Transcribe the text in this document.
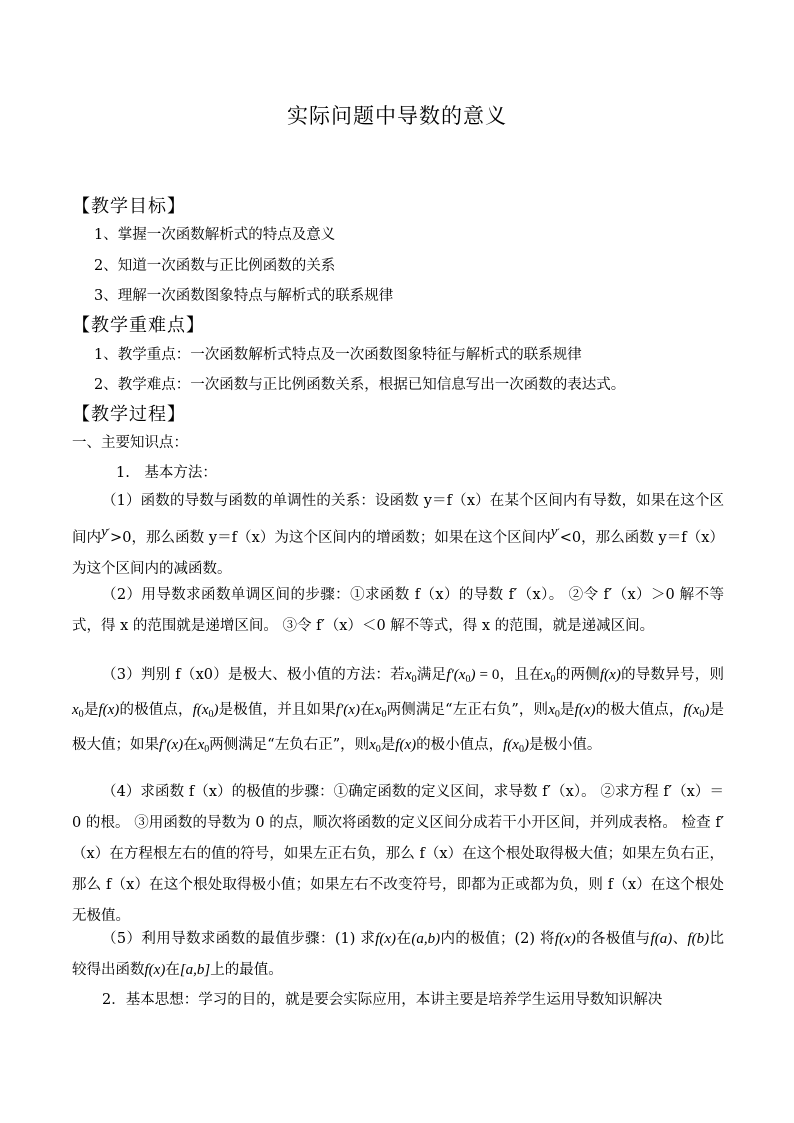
实际问题中导数的意义
【教学目标】
1、掌握一次函数解析式的特点及意义
2、知道一次函数与正比例函数的关系
3、理解一次函数图象特点与解析式的联系规律
【教学重难点】
1、教学重点：一次函数解析式特点及一次函数图象特征与解析式的联系规律
2、教学难点：一次函数与正比例函数关系，根据已知信息写出一次函数的表达式。
【教学过程】
一、主要知识点：
1.　基本方法：
（1）函数的导数与函数的单调性的关系：设函数 y＝f（x）在某个区间内有导数，如果在这个区间内$^{y'}$>0，那么函数 y＝f（x）为这个区间内的增函数；如果在这个区间内$^{y'}$<0，那么函数 y＝f（x）为这个区间内的减函数。
（2）用导数求函数单调区间的步骤：①求函数 f（x）的导数 f′（x）。 ②令 f′（x）＞0 解不等式，得 x 的范围就是递增区间。 ③令 f′（x）＜0 解不等式，得 x 的范围，就是递减区间。
（3）判别 f（x0）是极大、极小值的方法：若$x_0$满足$f'(x_0) = 0$，且在$x_0$的两侧f(x)的导数异号，则$x_0$是f(x)的极值点，$f(x_0)$是极值，并且如果f′(x)在$x_0$两侧满足“左正右负”，则$x_0$是f(x)的极大值点，$f(x_0)$是极大值；如果f′(x)在$x_0$两侧满足“左负右正”，则$x_0$是f(x)的极小值点，$f(x_0)$是极小值。
（4）求函数 f（x）的极值的步骤：①确定函数的定义区间，求导数 f′（x）。 ②求方程 f′（x）＝0 的根。 ③用函数的导数为 0 的点，顺次将函数的定义区间分成若干小开区间，并列成表格。 检查 f′（x）在方程根左右的值的符号，如果左正右负，那么 f（x）在这个根处取得极大值；如果左负右正，那么 f（x）在这个根处取得极小值；如果左右不改变符号，即都为正或都为负，则 f（x）在这个根处无极值。
（5）利用导数求函数的最值步骤：(1) 求f(x)在(a,b)内的极值；(2) 将f(x)的各极值与f(a)、f(b)比较得出函数f(x)在[a,b]上的最值。
2．基本思想：学习的目的，就是要会实际应用，本讲主要是培养学生运用导数知识解决
